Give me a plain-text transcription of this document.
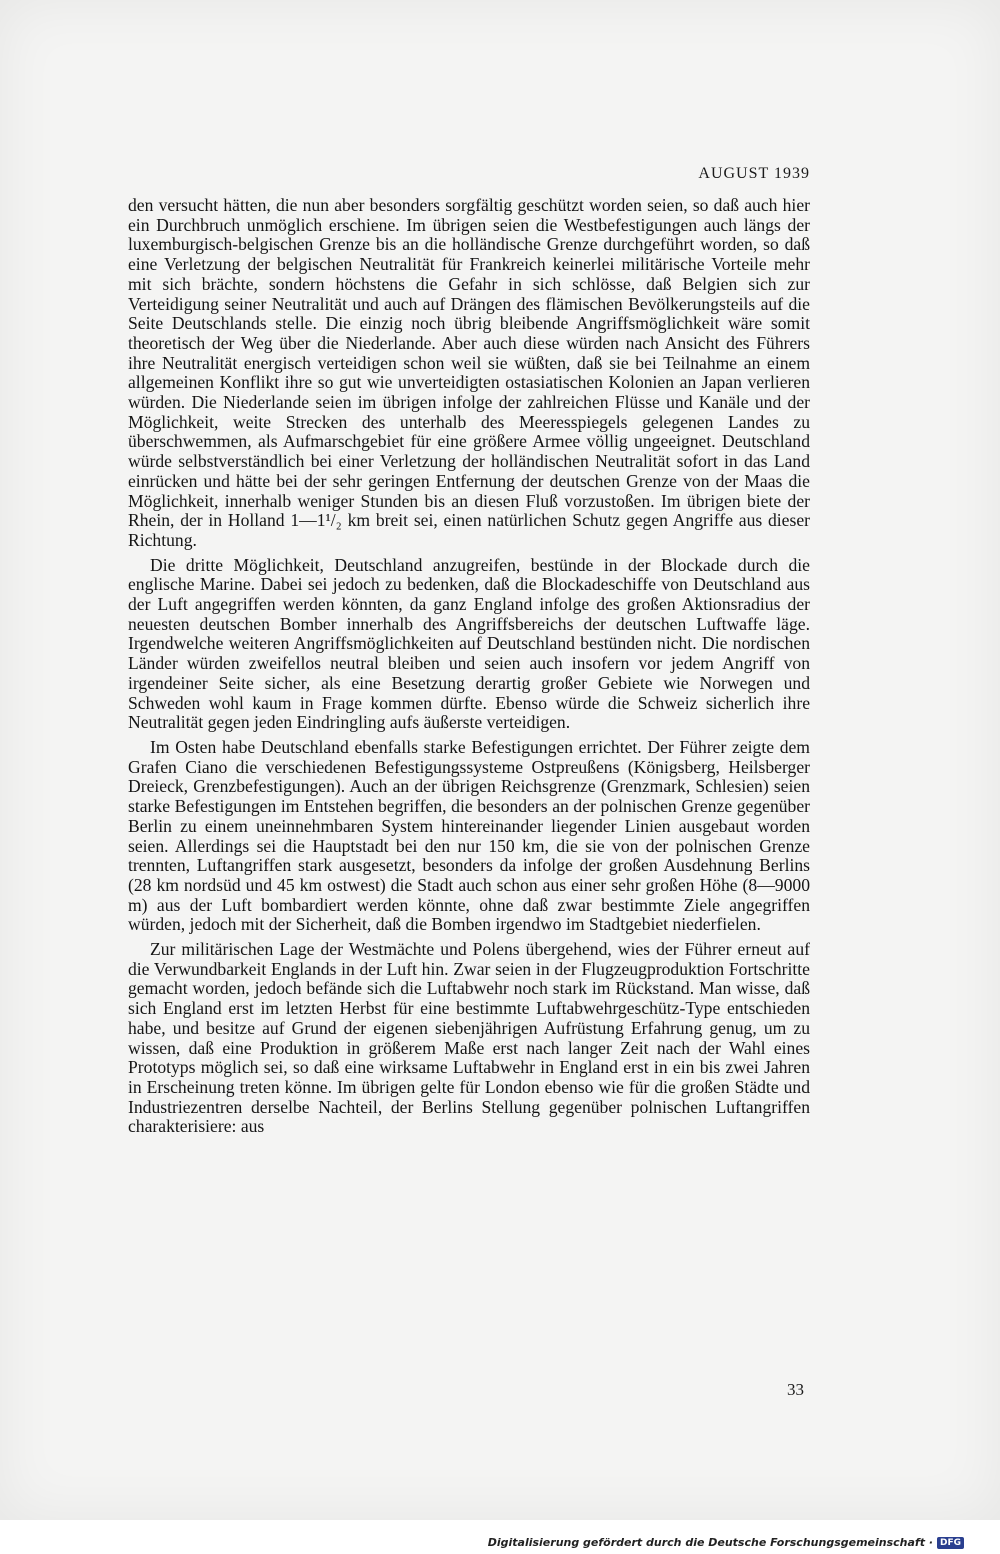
AUGUST 1939

den versucht hätten, die nun aber besonders sorgfältig geschützt worden seien, so daß auch hier ein Durchbruch unmöglich erschiene. Im übrigen seien die Westbefestigungen auch längs der luxemburgisch-belgischen Grenze bis an die holländische Grenze durchgeführt worden, so daß eine Verletzung der belgischen Neutralität für Frankreich keinerlei militärische Vorteile mehr mit sich brächte, sondern höchstens die Gefahr in sich schlösse, daß Belgien sich zur Verteidigung seiner Neutralität und auch auf Drängen des flämischen Bevölkerungsteils auf die Seite Deutschlands stelle. Die einzig noch übrig bleibende Angriffsmöglichkeit wäre somit theoretisch der Weg über die Niederlande. Aber auch diese würden nach Ansicht des Führers ihre Neutralität energisch verteidigen schon weil sie wüßten, daß sie bei Teilnahme an einem allgemeinen Konflikt ihre so gut wie unverteidigten ostasiatischen Kolonien an Japan verlieren würden. Die Niederlande seien im übrigen infolge der zahlreichen Flüsse und Kanäle und der Möglichkeit, weite Strecken des unterhalb des Meeresspiegels gelegenen Landes zu überschwemmen, als Aufmarschgebiet für eine größere Armee völlig ungeeignet. Deutschland würde selbstverständlich bei einer Verletzung der holländischen Neutralität sofort in das Land einrücken und hätte bei der sehr geringen Entfernung der deutschen Grenze von der Maas die Möglichkeit, innerhalb weniger Stunden bis an diesen Fluß vorzustoßen. Im übrigen biete der Rhein, der in Holland 1—1¹/₂ km breit sei, einen natürlichen Schutz gegen Angriffe aus dieser Richtung.

Die dritte Möglichkeit, Deutschland anzugreifen, bestünde in der Blockade durch die englische Marine. Dabei sei jedoch zu bedenken, daß die Blockadeschiffe von Deutschland aus der Luft angegriffen werden könnten, da ganz England infolge des großen Aktionsradius der neuesten deutschen Bomber innerhalb des Angriffsbereichs der deutschen Luftwaffe läge. Irgendwelche weiteren Angriffsmöglichkeiten auf Deutschland bestünden nicht. Die nordischen Länder würden zweifellos neutral bleiben und seien auch insofern vor jedem Angriff von irgendeiner Seite sicher, als eine Besetzung derartig großer Gebiete wie Norwegen und Schweden wohl kaum in Frage kommen dürfte. Ebenso würde die Schweiz sicherlich ihre Neutralität gegen jeden Eindringling aufs äußerste verteidigen.

Im Osten habe Deutschland ebenfalls starke Befestigungen errichtet. Der Führer zeigte dem Grafen Ciano die verschiedenen Befestigungssysteme Ostpreußens (Königsberg, Heilsberger Dreieck, Grenzbefestigungen). Auch an der übrigen Reichsgrenze (Grenzmark, Schlesien) seien starke Befestigungen im Entstehen begriffen, die besonders an der polnischen Grenze gegenüber Berlin zu einem uneinnehmbaren System hintereinander liegender Linien ausgebaut worden seien. Allerdings sei die Hauptstadt bei den nur 150 km, die sie von der polnischen Grenze trennten, Luftangriffen stark ausgesetzt, besonders da infolge der großen Ausdehnung Berlins (28 km nordsüd und 45 km ostwest) die Stadt auch schon aus einer sehr großen Höhe (8—9000 m) aus der Luft bombardiert werden könnte, ohne daß zwar bestimmte Ziele angegriffen würden, jedoch mit der Sicherheit, daß die Bomben irgendwo im Stadtgebiet niederfielen.

Zur militärischen Lage der Westmächte und Polens übergehend, wies der Führer erneut auf die Verwundbarkeit Englands in der Luft hin. Zwar seien in der Flugzeugproduktion Fortschritte gemacht worden, jedoch befände sich die Luftabwehr noch stark im Rückstand. Man wisse, daß sich England erst im letzten Herbst für eine bestimmte Luftabwehrgeschütz-Type entschieden habe, und besitze auf Grund der eigenen siebenjährigen Aufrüstung Erfahrung genug, um zu wissen, daß eine Produktion in größerem Maße erst nach langer Zeit nach der Wahl eines Prototyps möglich sei, so daß eine wirksame Luftabwehr in England erst in ein bis zwei Jahren in Erscheinung treten könne. Im übrigen gelte für London ebenso wie für die großen Städte und Industriezentren derselbe Nachteil, der Berlins Stellung gegenüber polnischen Luftangriffen charakterisiere: aus

33
Digitalisierung gefördert durch die Deutsche Forschungsgemeinschaft · DFG
